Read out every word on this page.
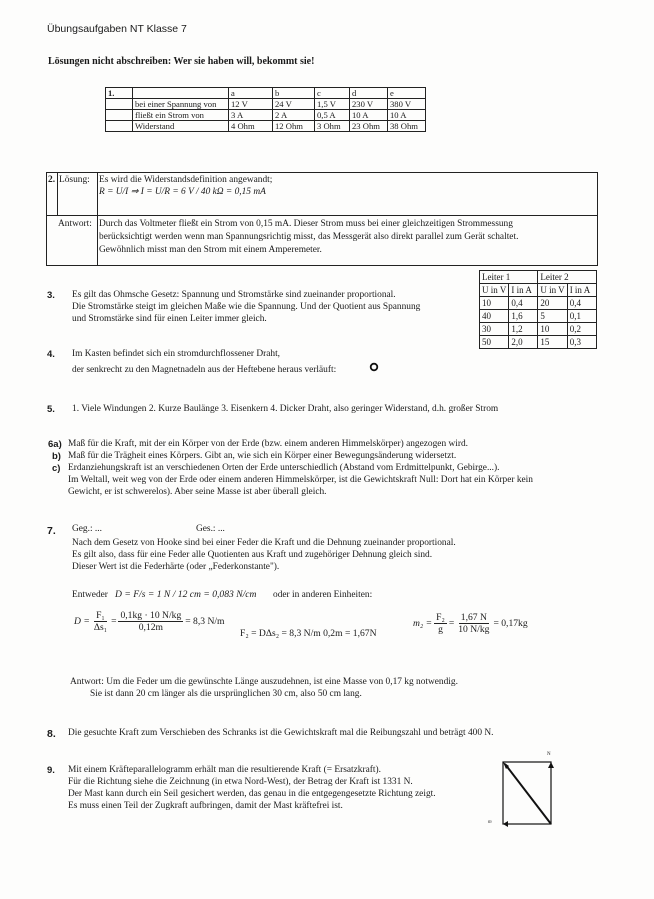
Übungsaufgaben NT Klasse 7
Lösungen nicht abschreiben: Wer sie haben will, bekommt sie!
1.		a	b	c	d	e
	bei einer Spannung von	12 V	24 V	1,5 V	230 V	380 V
	fließt ein Strom von	3 A	2 A	0,5 A	10 A	10 A
	Widerstand	4 Ohm	12 Ohm	3 Ohm	23 Ohm	38 Ohm
2. Lösung: Es wird die Widerstandsdefinition angewandt;
R = U/I ⇒ I = U/R = 6 V / 40 kΩ = 0,15 mA
Antwort: Durch das Voltmeter fließt ein Strom von 0,15 mA. Dieser Strom muss bei einer gleichzeitigen Strommessung
berücksichtigt werden wenn man Spannungsrichtig misst, das Messgerät also direkt parallel zum Gerät schaltet.
Gewöhnlich misst man den Strom mit einem Amperemeter.
3. Es gilt das Ohmsche Gesetz: Spannung und Stromstärke sind zueinander proportional.
Die Stromstärke steigt im gleichen Maße wie die Spannung. Und der Quotient aus Spannung
und Stromstärke sind für einen Leiter immer gleich.
Leiter 1		Leiter 2	
U in V	I in A	U in V	I in A
10	0,4	20	0,4
40	1,6	5	0,1
30	1,2	10	0,2
50	2,0	15	0,3
4. Im Kasten befindet sich ein stromdurchflossener Draht,
der senkrecht zu den Magnetnadeln aus der Heftebene heraus verläuft:
5. 1. Viele Windungen 2. Kurze Baulänge 3. Eisenkern 4. Dicker Draht, also geringer Widerstand, d.h. großer Strom
6a) Maß für die Kraft, mit der ein Körper von der Erde (bzw. einem anderen Himmelskörper) angezogen wird.
b) Maß für die Trägheit eines Körpers. Gibt an, wie sich ein Körper einer Bewegungsänderung widersetzt.
c) Erdanziehungskraft ist an verschiedenen Orten der Erde unterschiedlich (Abstand vom Erdmittelpunkt, Gebirge...).
Im Weltall, weit weg von der Erde oder einem anderen Himmelskörper, ist die Gewichtskraft Null: Dort hat ein Körper kein
Gewicht, er ist schwerelos). Aber seine Masse ist aber überall gleich.
7. Geg.: ...	Ges.: ...
Nach dem Gesetz von Hooke sind bei einer Feder die Kraft und die Dehnung zueinander proportional.
Es gilt also, dass für eine Feder alle Quotienten aus Kraft und zugehöriger Dehnung gleich sind.
Dieser Wert ist die Federhärte (oder „Federkonstante").
Entweder D = F/s = 1 N / 12 cm = 0,083 N/cm oder in anderen Einheiten:
$D = \frac{\text{F₁}}{\text{Δs₁}} = \frac{0,1kg \cdot 10 N/kg}{0,12m} = 8,3$ N/m
F₂ = DΔs₂ = 8,3 N/m 0,2m = 1,67N
$m_2 = \frac{\text{F₂}}{g} = \frac{1,67 N}{10 N/kg} = 0,17kg$
Antwort: Um die Feder um die gewünschte Länge auszudehnen, ist eine Masse von 0,17 kg notwendig.
Sie ist dann 20 cm länger als die ursprünglichen 30 cm, also 50 cm lang.
8. Die gesuchte Kraft zum Verschieben des Schranks ist die Gewichtskraft mal die Reibungszahl und beträgt 400 N.
9. Mit einem Kräfteparallelogramm erhält man die resultierende Kraft (= Ersatzkraft).
Für die Richtung siehe die Zeichnung (in etwa Nord-West), der Betrag der Kraft ist 1331 N.
Der Mast kann durch ein Seil gesichert werden, das genau in die entgegengesetzte Richtung zeigt.
Es muss einen Teil der Zugkraft aufbringen, damit der Mast kräftefrei ist.
N
m
